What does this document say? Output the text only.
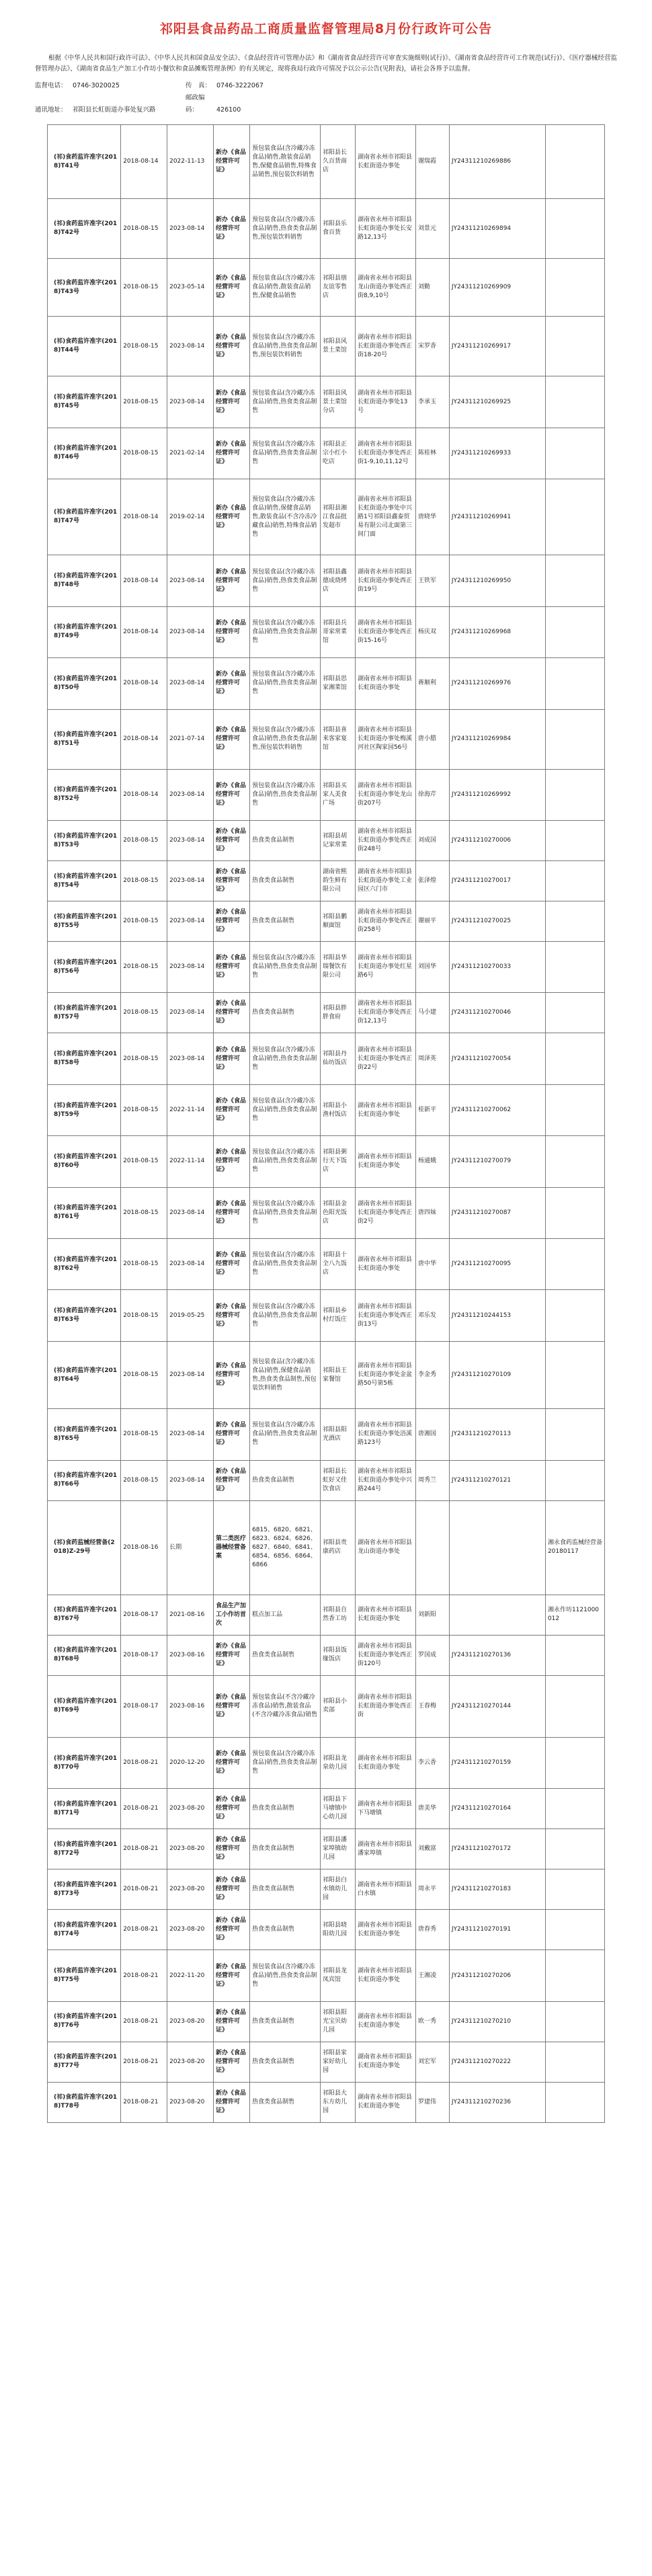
祁阳县食品药品工商质量监督管理局8月份行政许可公告

根据《中华人民共和国行政许可法》、《中华人民共和国食品安全法》、《食品经营许可管理办法》和《湖南省食品经营许可审查实施细则(试行)》、《湖南省食品经营许可工作规范(试行)》、《医疗器械经营监督管理办法》、《湖南省食品生产加工小作坊小餐饮和食品摊贩管理条例》的有关规定，现将我局行政许可情况予以公示公告(见附表)，请社会各界予以监督。

监督电话： 0746-3020025	传　真： 0746-3222067
通讯地址： 祁阳县长虹街道办事处复兴路邮政编码：	426100
(祁)食药监许准字(2018)T41号	2018-08-14	2022-11-13	新办《食品经营许可证》	预包装食品(含冷藏冷冻食品)销售,散装食品销售,保健食品销售,特殊食品销售,预包装饮料销售	祁阳县长久百货商店	湖南省永州市祁阳县长虹街道办事处	谢瑞霞	JY24311210269886	
(祁)食药监许准字(2018)T42号	2018-08-15	2023-08-14	新办《食品经营许可证》	预包装食品(含冷藏冷冻食品)销售,热食类食品制售,预包装饮料销售	祁阳县乐食百货	湖南省永州市祁阳县长虹街道办事处长安路12,13号	刘景元	JY24311210269894	
(祁)食药监许准字(2018)T43号	2018-08-15	2023-05-14	新办《食品经营许可证》	预包装食品(含冷藏冷冻食品)销售,散装食品销售,保健食品销售	祁阳县朋友谊零售店	湖南省永州市祁阳县龙山街道办事处西正街8,9,10号	刘勤	JY24311210269909	
(祁)食药监许准字(2018)T44号	2018-08-15	2023-08-14	新办《食品经营许可证》	预包装食品(含冷藏冷冻食品)销售,热食类食品制售,预包装饮料销售	祁阳县风景土菜馆	湖南省永州市祁阳县长虹街道办事处西正街18-20号	宋罗香	JY24311210269917	
(祁)食药监许准字(2018)T45号	2018-08-15	2023-08-14	新办《食品经营许可证》	预包装食品(含冷藏冷冻食品)销售,热食类食品制售	祁阳县风景土菜馆分店	湖南省永州市祁阳县长虹街道办事处13号	李承玉	JY24311210269925	
(祁)食药监许准字(2018)T46号	2018-08-15	2021-02-14	新办《食品经营许可证》	预包装食品(含冷藏冷冻食品)销售,热食类食品制售	祁阳县正宗小红小吃店	湖南省永州市祁阳县长虹街道办事处西正街1-9,10,11,12号	陈桂林	JY24311210269933	
(祁)食药监许准字(2018)T47号	2018-08-14	2019-02-14	新办《食品经营许可证》	预包装食品(含冷藏冷冻食品)销售,保健食品销售,散装食品(不含冷冻冷藏食品)销售,特殊食品销售	祁阳县湘江食品批发超市	湖南省永州市祁阳县长虹街道办事处中兴路1号祁阳县鑫泰贸易有限公司北面第三间门面	唐晓华	JY24311210269941	
(祁)食药监许准字(2018)T48号	2018-08-14	2023-08-14	新办《食品经营许可证》	预包装食品(含冷藏冷冻食品)销售,热食类食品制售	祁阳县鑫德成烧烤店	湖南省永州市祁阳县长虹街道办事处西正街19号	王铁军	JY24311210269950	
(祁)食药监许准字(2018)T49号	2018-08-14	2023-08-14	新办《食品经营许可证》	预包装食品(含冷藏冷冻食品)销售,热食类食品制售	祁阳县兵哥家常菜馆	湖南省永州市祁阳县长虹街道办事处西正街15-16号	杨庆双	JY24311210269968	
(祁)食药监许准字(2018)T50号	2018-08-14	2023-08-14	新办《食品经营许可证》	预包装食品(含冷藏冷冻食品)销售,热食类食品制售	祁阳县思家湘菜馆	湖南省永州市祁阳县长虹街道办事处	蒋顺利	JY24311210269976	
(祁)食药监许准字(2018)T51号	2018-08-14	2021-07-14	新办《食品经营许可证》	预包装食品(含冷藏冷冻食品)销售,热食类食品制售,预包装饮料销售	祁阳县喜来客家宴馆	湖南省永州市祁阳县长虹街道办事处梅溪河社区陶家园56号	唐小腊	JY24311210269984	
(祁)食药监许准字(2018)T52号	2018-08-14	2023-08-14	新办《食品经营许可证》	预包装食品(含冷藏冷冻食品)销售,热食类食品制售	祁阳县买家人美食广场	湖南省永州市祁阳县长虹街道办事处龙山街207号	徐海芹	JY24311210269992	
(祁)食药监许准字(2018)T53号	2018-08-15	2023-08-14	新办《食品经营许可证》	热食类食品制售	祁阳县胡记家常菜	湖南省永州市祁阳县长虹街道办事处西正街248号	刘成国	JY24311210270006	
(祁)食药监许准字(2018)T54号	2018-08-15	2023-08-14	新办《食品经营许可证》	热食类食品制售	湖南省熙韵生鲜有限公司	湖南省永州市祁阳县长虹街道办事处工业园区六门市	张泽煌	JY24311210270017	
(祁)食药监许准字(2018)T55号	2018-08-15	2023-08-14	新办《食品经营许可证》	热食类食品制售	祁阳县鹏顺面馆	湖南省永州市祁阳县长虹街道办事处西正街258号	谢丽平	JY24311210270025	
(祁)食药监许准字(2018)T56号	2018-08-15	2023-08-14	新办《食品经营许可证》	预包装食品(含冷藏冷冻食品)销售,热食类食品制售	祁阳县华瑞餐饮有限公司	湖南省永州市祁阳县长虹街道办事处红星路6号	刘国华	JY24311210270033	
(祁)食药监许准字(2018)T57号	2018-08-15	2023-08-14	新办《食品经营许可证》	热食类食品制售	祁阳县胖胖食府	湖南省永州市祁阳县长虹街道办事处西正街12,13号	马小建	JY24311210270046	
(祁)食药监许准字(2018)T58号	2018-08-15	2023-08-14	新办《食品经营许可证》	预包装食品(含冷藏冷冻食品)销售,热食类食品制售	祁阳县丹仙坊饭店	湖南省永州市祁阳县长虹街道办事处西正街22号	周泽英	JY24311210270054	
(祁)食药监许准字(2018)T59号	2018-08-15	2022-11-14	新办《食品经营许可证》	预包装食品(含冷藏冷冻食品)销售,热食类食品制售	祁阳县小渔村饭店	湖南省永州市祁阳县长虹街道办事处	桂新平	JY24311210270062	
(祁)食药监许准字(2018)T60号	2018-08-15	2022-11-14	新办《食品经营许可证》	预包装食品(含冷藏冷冻食品)销售,热食类食品制售	祁阳县粥行天下饭店	湖南省永州市祁阳县长虹街道办事处	杨通娥	JY24311210270079	
(祁)食药监许准字(2018)T61号	2018-08-15	2023-08-14	新办《食品经营许可证》	预包装食品(含冷藏冷冻食品)销售,热食类食品制售	祁阳县金色阳光饭店	湖南省永州市祁阳县长虹街道办事处西正街2号	唐四妹	JY24311210270087	
(祁)食药监许准字(2018)T62号	2018-08-15	2023-08-14	新办《食品经营许可证》	预包装食品(含冷藏冷冻食品)销售,热食类食品制售	祁阳县十全八九饭店	湖南省永州市祁阳县长虹街道办事处	唐中华	JY24311210270095	
(祁)食药监许准字(2018)T63号	2018-08-15	2019-05-25	新办《食品经营许可证》	预包装食品(含冷藏冷冻食品)销售,热食类食品制售	祁阳县乡村灯饭庄	湖南省永州市祁阳县长虹街道办事处西正街13号	邓乐发	JY24311210244153	
(祁)食药监许准字(2018)T64号	2018-08-15	2023-08-14	新办《食品经营许可证》	预包装食品(含冷藏冷冻食品)销售,保健食品销售,热食类食品制售,预包装饮料销售	祁阳县王家餐馆	湖南省永州市祁阳县长虹街道办事处金盆路50号第5栋	李金秀	JY24311210270109	
(祁)食药监许准字(2018)T65号	2018-08-15	2023-08-14	新办《食品经营许可证》	预包装食品(含冷藏冷冻食品)销售,热食类食品制售	祁阳县阳光酒店	湖南省永州市祁阳县长虹街道办事处浯溪路123号	唐湘国	JY24311210270113	
(祁)食药监许准字(2018)T66号	2018-08-15	2023-08-14	新办《食品经营许可证》	热食类食品制售	祁阳县长虹好又佳饮食店	湖南省永州市祁阳县长虹街道办事处中兴路244号	周秀兰	JY24311210270121	
(祁)食药监械经营备(2018)Z-29号	2018-08-16	长期	第二类医疗器械经营备案	6815、6820、6821、6823、6824、6826、6827、6840、6841、6854、6856、6864、6866	祁阳县贵康药店	湖南省永州市祁阳县龙山街道办事处			湘永食药监械经营备20180117
(祁)食药监许准字(2018)T67号	2018-08-17	2021-08-16	食品生产加工小作坊首次	糕点加工品	祁阳县自然香工坊	湖南省永州市祁阳县长虹街道办事处	刘新阳		湘永作坊1121000012
(祁)食药监许准字(2018)T68号	2018-08-17	2023-08-16	新办《食品经营许可证》	热食类食品制售	祁阳县饭缘饭店	湖南省永州市祁阳县长虹街道办事处西正街120号	罗国成	JY24311210270136	
(祁)食药监许准字(2018)T69号	2018-08-17	2023-08-16	新办《食品经营许可证》	预包装食品(不含冷藏冷冻食品)销售,散装食品(不含冷藏冷冻食品)销售	祁阳县小卖部	湖南省永州市祁阳县长虹街道办事处西正街	王春梅	JY24311210270144	
(祁)食药监许准字(2018)T70号	2018-08-21	2020-12-20	新办《食品经营许可证》	预包装食品(含冷藏冷冻食品)销售,热食类食品制售	祁阳县龙泉幼儿园	湖南省永州市祁阳县长虹街道办事处	李云香	JY24311210270159	
(祁)食药监许准字(2018)T71号	2018-08-21	2023-08-20	新办《食品经营许可证》	热食类食品制售	祁阳县下马塘镇中心幼儿园	湖南省永州市祁阳县下马塘镇	唐美华	JY24311210270164	
(祁)食药监许准字(2018)T72号	2018-08-21	2023-08-20	新办《食品经营许可证》	热食类食品制售	祁阳县潘家埠镇幼儿园	湖南省永州市祁阳县潘家埠镇	刘戴富	JY24311210270172	
(祁)食药监许准字(2018)T73号	2018-08-21	2023-08-20	新办《食品经营许可证》	热食类食品制售	祁阳县白水镇幼儿园	湖南省永州市祁阳县白水镇	周永平	JY24311210270183	
(祁)食药监许准字(2018)T74号	2018-08-21	2023-08-20	新办《食品经营许可证》	热食类食品制售	祁阳县晓阳幼儿园	湖南省永州市祁阳县长虹街道办事处	唐春秀	JY24311210270191	
(祁)食药监许准字(2018)T75号	2018-08-21	2022-11-20	新办《食品经营许可证》	预包装食品(含冷藏冷冻食品)销售,热食类食品制售	祁阳县龙凤宾馆	湖南省永州市祁阳县长虹街道办事处	王湘凌	JY24311210270206	
(祁)食药监许准字(2018)T76号	2018-08-21	2023-08-20	新办《食品经营许可证》	热食类食品制售	祁阳县阳光宝贝幼儿园	湖南省永州市祁阳县长虹街道办事处	欧一秀	JY24311210270210	
(祁)食药监许准字(2018)T77号	2018-08-21	2023-08-20	新办《食品经营许可证》	热食类食品制售	祁阳县家家好幼儿园	湖南省永州市祁阳县长虹街道办事处	刘宏军	JY24311210270222	
(祁)食药监许准字(2018)T78号	2018-08-21	2023-08-20	新办《食品经营许可证》	热食类食品制售	祁阳县大东方幼儿园	湖南省永州市祁阳县长虹街道办事处	罗建伟	JY24311210270236	
